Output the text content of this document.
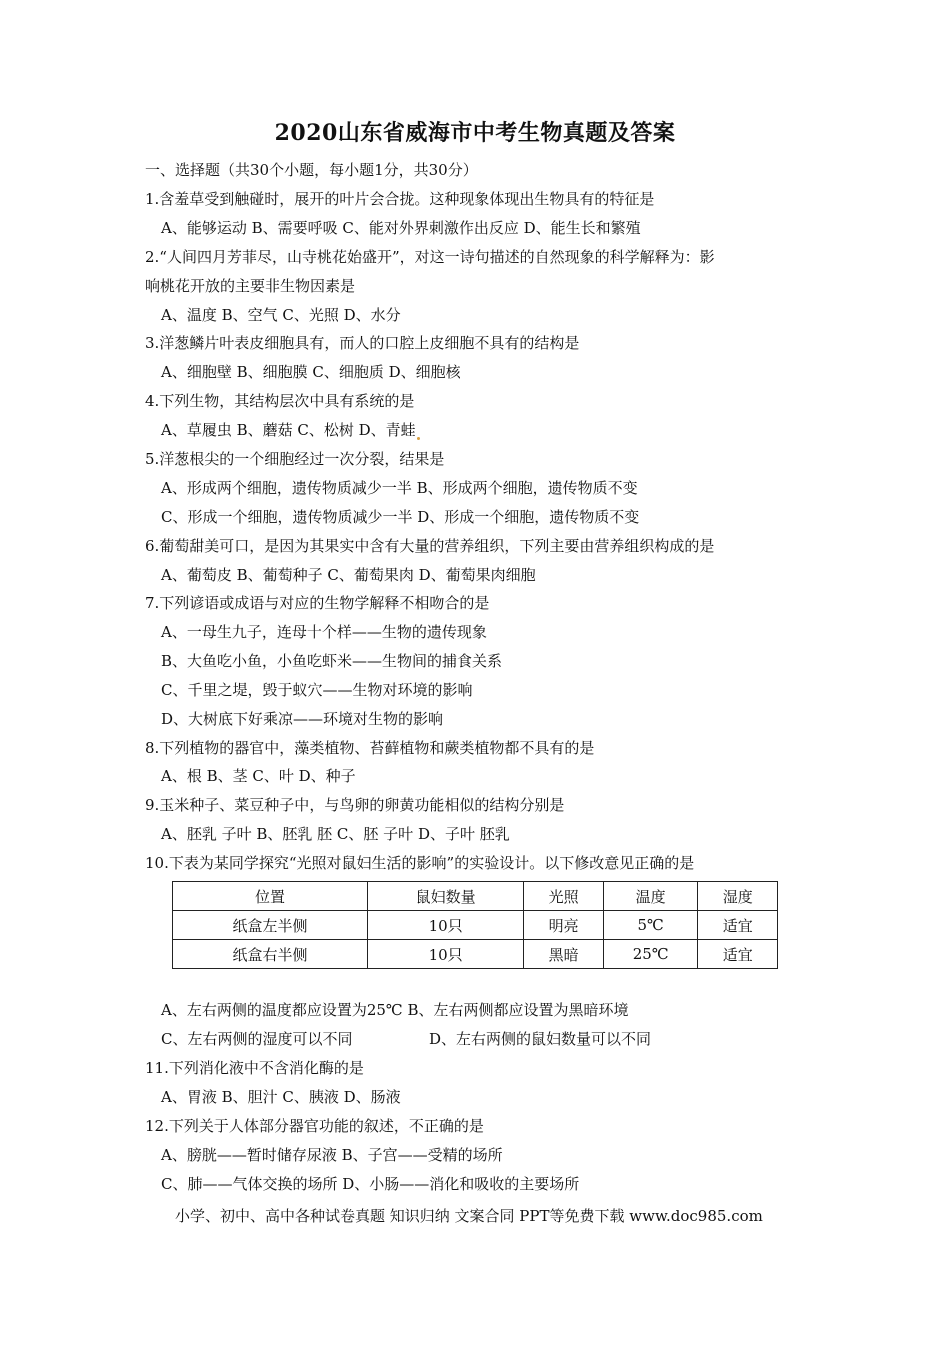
2020山东省威海市中考生物真题及答案
一、选择题（共30个小题，每小题1分，共30分）
1.含羞草受到触碰时，展开的叶片会合拢。这种现象体现出生物具有的特征是
A、能够运动 B、需要呼吸 C、能对外界刺激作出反应 D、能生长和繁殖
2.“人间四月芳菲尽，山寺桃花始盛开”，对这一诗句描述的自然现象的科学解释为：影
响桃花开放的主要非生物因素是
A、温度 B、空气 C、光照 D、水分
3.洋葱鳞片叶表皮细胞具有，而人的口腔上皮细胞不具有的结构是
A、细胞壁 B、细胞膜 C、细胞质 D、细胞核
4.下列生物，其结构层次中具有系统的是
A、草履虫 B、蘑菇 C、松树 D、青蛙
5.洋葱根尖的一个细胞经过一次分裂，结果是
A、形成两个细胞，遗传物质减少一半 B、形成两个细胞，遗传物质不变
C、形成一个细胞，遗传物质减少一半 D、形成一个细胞，遗传物质不变
6.葡萄甜美可口，是因为其果实中含有大量的营养组织，下列主要由营养组织构成的是
A、葡萄皮 B、葡萄种子 C、葡萄果肉 D、葡萄果肉细胞
7.下列谚语或成语与对应的生物学解释不相吻合的是
A、一母生九子，连母十个样——生物的遗传现象
B、大鱼吃小鱼，小鱼吃虾米——生物间的捕食关系
C、千里之堤，毁于蚁穴——生物对环境的影响
D、大树底下好乘凉——环境对生物的影响
8.下列植物的器官中，藻类植物、苔藓植物和蕨类植物都不具有的是
A、根 B、茎 C、叶 D、种子
9.玉米种子、菜豆种子中，与鸟卵的卵黄功能相似的结构分别是
A、胚乳 子叶 B、胚乳 胚 C、胚 子叶 D、子叶 胚乳
10.下表为某同学探究“光照对鼠妇生活的影响”的实验设计。以下修改意见正确的是
位置	鼠妇数量	光照	温度	湿度
纸盒左半侧	10只	明亮	5℃	适宜
纸盒右半侧	10只	黑暗	25℃	适宜
A、左右两侧的温度都应设置为25℃ B、左右两侧都应设置为黑暗环境
C、左右两侧的湿度可以不同	D、左右两侧的鼠妇数量可以不同
11.下列消化液中不含消化酶的是
A、胃液 B、胆汁 C、胰液 D、肠液
12.下列关于人体部分器官功能的叙述，不正确的是
A、膀胱——暂时储存尿液 B、子宫——受精的场所
C、肺——气体交换的场所 D、小肠——消化和吸收的主要场所
小学、初中、高中各种试卷真题 知识归纳 文案合同 PPT等免费下载 www.doc985.com
